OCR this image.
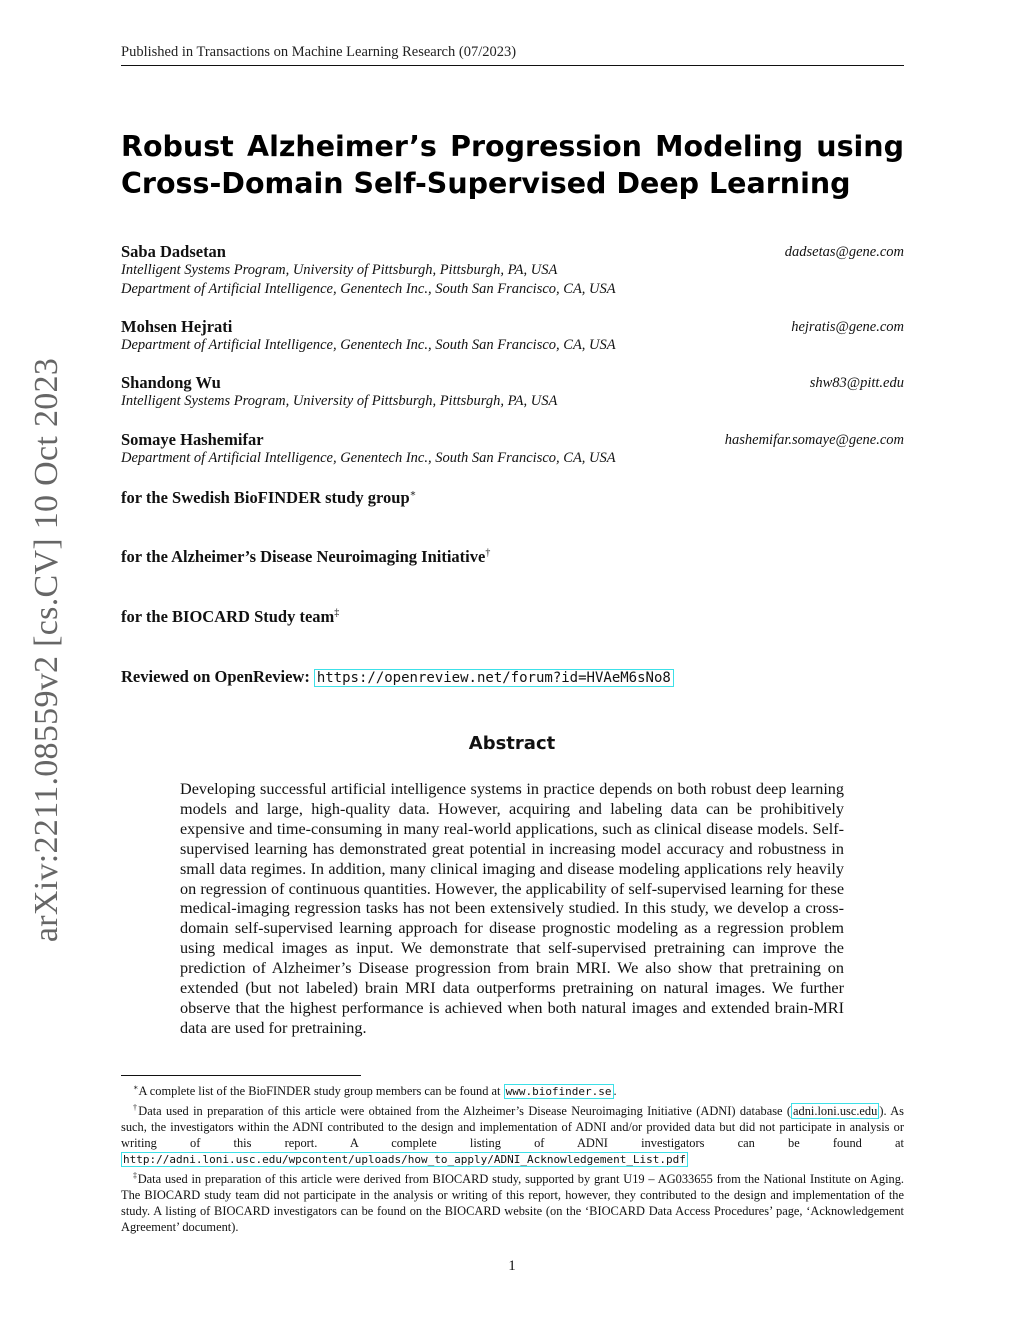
Published in Transactions on Machine Learning Research (07/2023)
arXiv:2211.08559v2 [cs.CV] 10 Oct 2023
Robust Alzheimer’s Progression Modeling using Cross-Domain Self-Supervised Deep Learning
Saba Dadsetan	dadsetas@gene.com
Intelligent Systems Program, University of Pittsburgh, Pittsburgh, PA, USA
Department of Artificial Intelligence, Genentech Inc., South San Francisco, CA, USA
Mohsen Hejrati	hejratis@gene.com
Department of Artificial Intelligence, Genentech Inc., South San Francisco, CA, USA
Shandong Wu	shw83@pitt.edu
Intelligent Systems Program, University of Pittsburgh, Pittsburgh, PA, USA
Somaye Hashemifar	hashemifar.somaye@gene.com
Department of Artificial Intelligence, Genentech Inc., South San Francisco, CA, USA
for the Swedish BioFINDER study group∗
for the Alzheimer’s Disease Neuroimaging Initiative†
for the BIOCARD Study team‡
Reviewed on OpenReview: https://openreview.net/forum?id=HVAeM6sNo8
Abstract
Developing successful artificial intelligence systems in practice depends on both robust deep learning models and large, high-quality data. However, acquiring and labeling data can be prohibitively expensive and time-consuming in many real-world applications, such as clinical disease models. Self-supervised learning has demonstrated great potential in increasing model accuracy and robustness in small data regimes. In addition, many clinical imaging and disease modeling applications rely heavily on regression of continuous quantities. However, the applicability of self-supervised learning for these medical-imaging regression tasks has not been extensively studied. In this study, we develop a cross-domain self-supervised learning approach for disease prognostic modeling as a regression problem using medical images as input. We demonstrate that self-supervised pretraining can improve the prediction of Alzheimer’s Disease progression from brain MRI. We also show that pretraining on extended (but not labeled) brain MRI data outperforms pretraining on natural images. We further observe that the highest performance is achieved when both natural images and extended brain-MRI data are used for pretraining.

∗A complete list of the BioFINDER study group members can be found at www.biofinder.se .

†Data used in preparation of this article were obtained from the Alzheimer’s Disease Neuroimaging Initiative (ADNI) database ( adni.loni.usc.edu ). As such, the investigators within the ADNI contributed to the design and implementation of ADNI and/or provided data but did not participate in analysis or writing of this report. A complete listing of ADNI investigators can be found at http://adni.loni.usc.edu/wpcontent/uploads/how_to_apply/ADNI_Acknowledgement_List.pdf

‡Data used in preparation of this article were derived from BIOCARD study, supported by grant U19 – AG033655 from the National Institute on Aging. The BIOCARD study team did not participate in the analysis or writing of this report, however, they contributed to the design and implementation of the study. A listing of BIOCARD investigators can be found on the BIOCARD website (on the ‘BIOCARD Data Access Procedures’ page, ‘Acknowledgement Agreement’ document).

1
